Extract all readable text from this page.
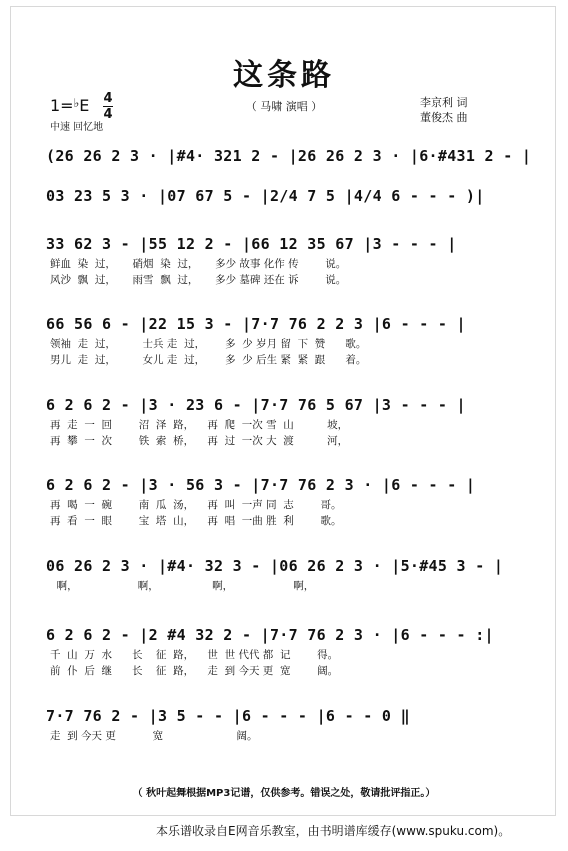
这条路
1=♭E 4
4
中速 回忆地
（ 马啸 演唱 ）	李京利 词
董俊杰 曲
(26 26 2 3 · |#4· 321 2 - |26 26 2 3 · |6·#431 2 - |
03 23 5 3 · |07 67 5 - |2/4 7 5 |4/4 6 - - - )|
33 62 3 - |55 12 2 - |66 12 35 67 |3 - - - |
鲜血  染  过，     硝烟  染  过，     多少 故事 化作 传        说。
风沙  飘  过，     雨雪  飘  过，     多少 墓碑 还在 诉        说。
66 56 6 - |22 15 3 - |7·7 76 2 2 3 |6 - - - |
领袖  走  过，        士兵 走  过，      多  少 岁月 留  下  赞      歌。
男儿  走  过，        女儿 走  过，      多  少 后生 紧  紧  跟      着。
6 2 6 2 - |3 · 23 6 - |7·7 76 5 67 |3 - - - |
再  走  一  回        沼  泽  路，    再  爬  一次 雪  山          坡，
再  攀  一  次        铁  索  桥，    再  过  一次 大  渡          河，
6 2 6 2 - |3 · 56 3 - |7·7 76 2 3 · |6 - - - |
再  喝  一  碗        南  瓜  汤，    再  叫  一声 同  志        哥。
再  看  一  眼        宝  塔  山，    再  唱  一曲 胜  利        歌。
06 26 2 3 · |#4· 32 3 - |06 26 2 3 · |5·#45 3 - |
啊，                  啊，                啊，                  啊，
6 2 6 2 - |2 #4 32 2 - |7·7 76 2 3 · |6 - - - :|
千  山  万  水      长    征  路，    世  世 代代 都  记        得。
前  仆  后  继      长    征  路，    走  到 今天 更  宽        阔。
7·7 76 2 - |3 5 - - |6 - - - |6 - - 0 ‖
走  到 今天 更           宽                      阔。
（ 秋叶起舞根据MP3记谱，仅供参考。错误之处，敬请批评指正。）
本乐谱收录自E网音乐教室，由书明谱库缓存(www.spuku.com)。
